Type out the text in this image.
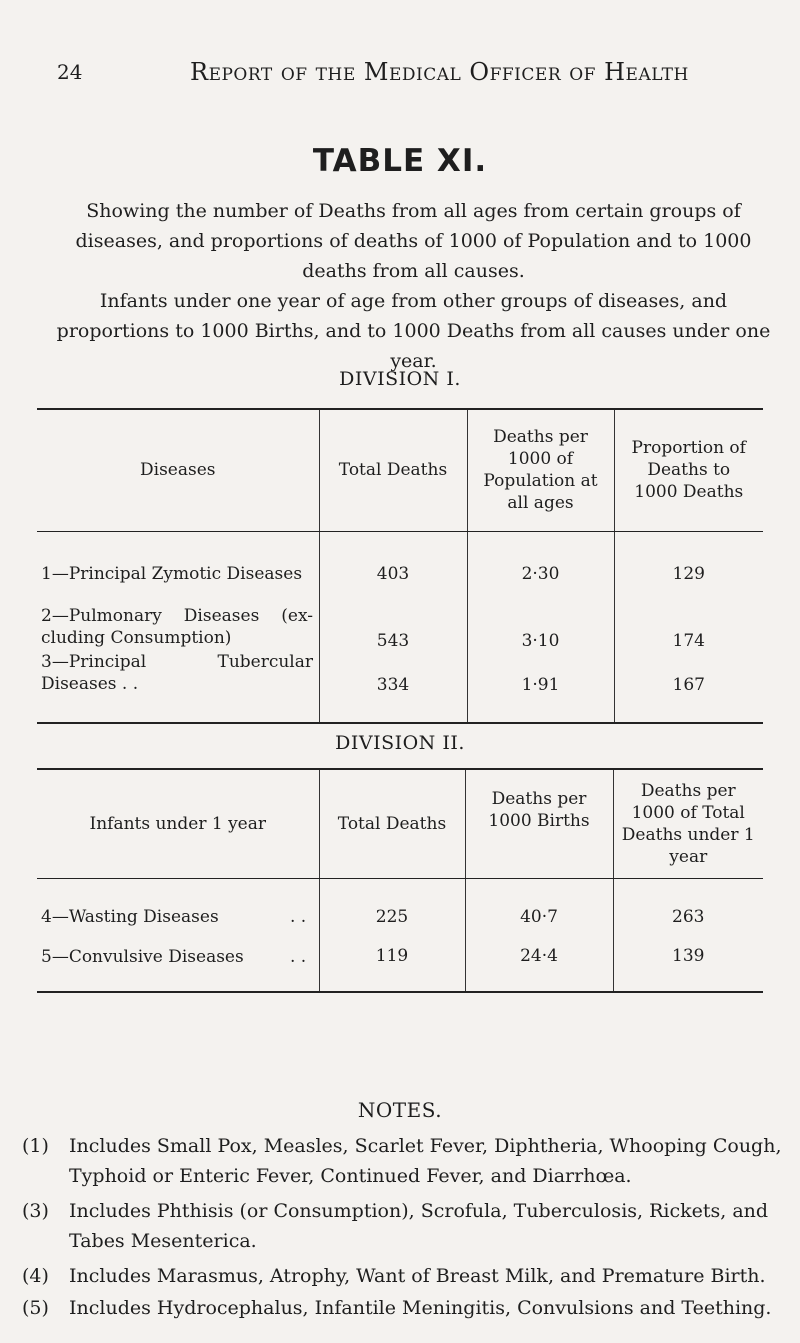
24	Report of the Medical Officer of Health
TABLE XI.
Showing the number of Deaths from all ages from certain groups of diseases, and proportions of deaths of 1000 of Population and to 1000 deaths from all causes.
Infants under one year of age from other groups of diseases, and proportions to 1000 Births, and to 1000 Deaths from all causes under one year.
DIVISION I.
Diseases	Total Deaths	Deaths per 1000 of Population at all ages	Proportion of Deaths to 1000 Deaths

1—Principal Zymotic Diseases	403	2·30	129

2—Pulmonary Diseases (ex- cluding Consumption)	543	3·10	174

3—Principal Tubercular Diseases . .	334	1·91	167
DIVISION II.
Infants under 1 year	Total Deaths	Deaths per 1000 Births	Deaths per 1000 of Total Deaths under 1 year

4—Wasting Diseases . .	225	40·7	263
5—Convulsive Diseases . .	119	24·4	139
NOTES.
(1) Includes Small Pox, Measles, Scarlet Fever, Diphtheria, Whooping Cough, Typhoid or Enteric Fever, Continued Fever, and Diarrhœa.
(3) Includes Phthisis (or Consumption), Scrofula, Tuberculosis, Rickets, and Tabes Mesenterica.
(4) Includes Marasmus, Atrophy, Want of Breast Milk, and Premature Birth.
(5) Includes Hydrocephalus, Infantile Meningitis, Convulsions and Teething.
